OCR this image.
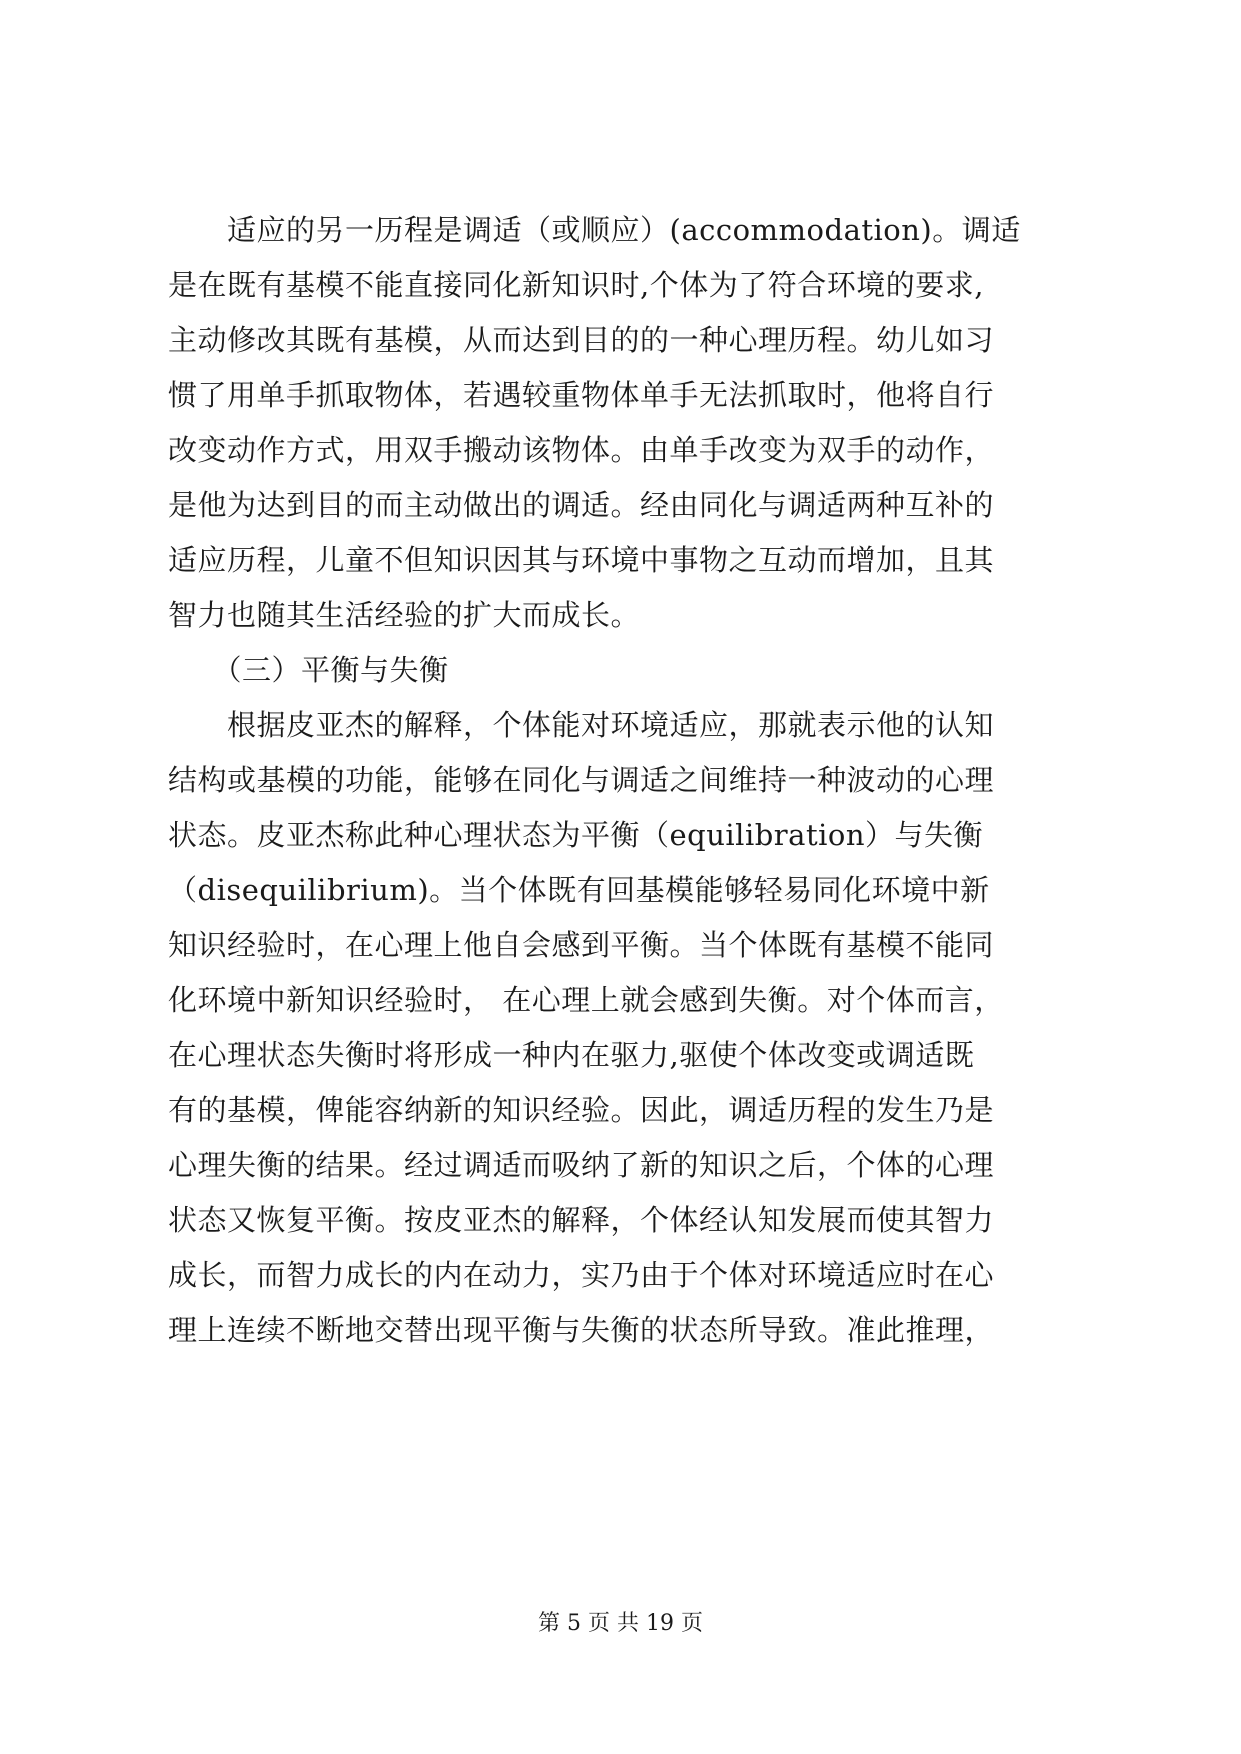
　　适应的另一历程是调适（或顺应）(accommodation)。调适
是在既有基模不能直接同化新知识时,个体为了符合环境的要求,
主动修改其既有基模，从而达到目的的一种心理历程。幼儿如习
惯了用单手抓取物体，若遇较重物体单手无法抓取时，他将自行
改变动作方式，用双手搬动该物体。由单手改变为双手的动作，
是他为达到目的而主动做出的调适。经由同化与调适两种互补的
适应历程，儿童不但知识因其与环境中事物之互动而增加，且其
智力也随其生活经验的扩大而成长。
　　（三）平衡与失衡
　　根据皮亚杰的解释，个体能对环境适应，那就表示他的认知
结构或基模的功能，能够在同化与调适之间维持一种波动的心理
状态。皮亚杰称此种心理状态为平衡（equilibration）与失衡
（disequilibrium)。当个体既有回基模能够轻易同化环境中新
知识经验时，在心理上他自会感到平衡。当个体既有基模不能同
化环境中新知识经验时， 在心理上就会感到失衡。对个体而言，
在心理状态失衡时将形成一种内在驱力,驱使个体改变或调适既
有的基模，俾能容纳新的知识经验。因此，调适历程的发生乃是
心理失衡的结果。经过调适而吸纳了新的知识之后，个体的心理
状态又恢复平衡。按皮亚杰的解释，个体经认知发展而使其智力
成长，而智力成长的内在动力，实乃由于个体对环境适应时在心
理上连续不断地交替出现平衡与失衡的状态所导致。准此推理，
第 5 页 共 19 页
